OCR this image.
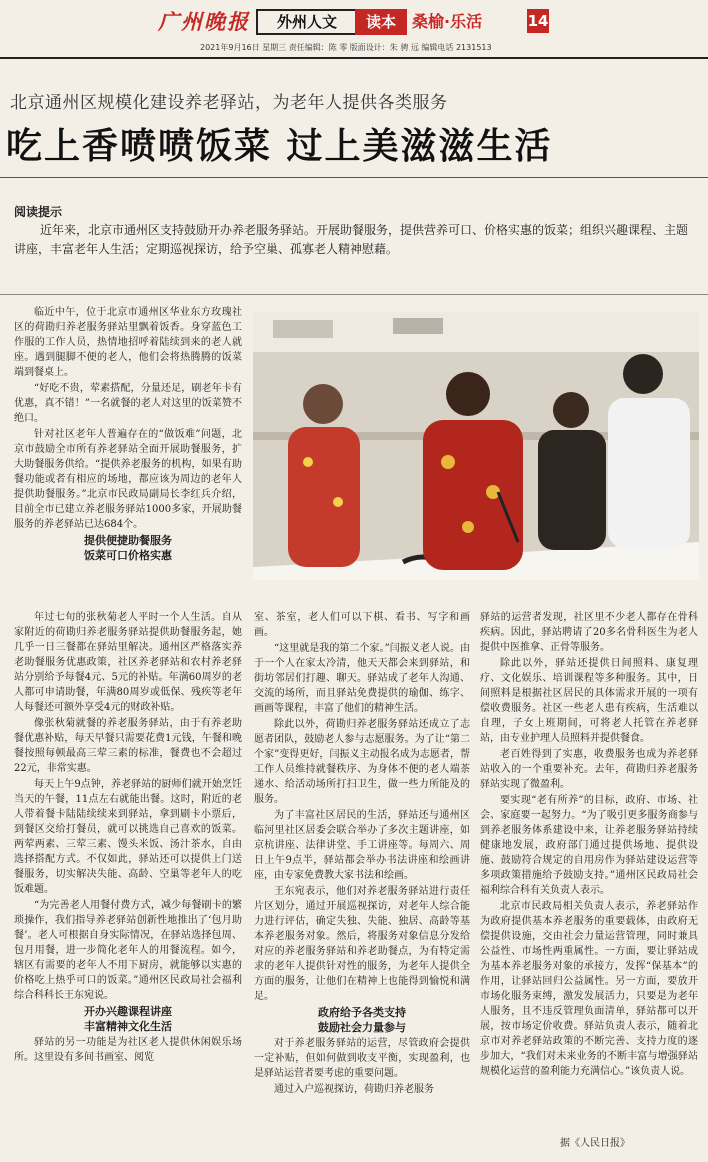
广州晚报	外州人文	读本	桑榆·乐活	14
2021年9月16日 星期三 责任编辑：陈 零 版面设计：朱 骋 远 编辑电话 2131513
北京通州区规模化建设养老驿站，为老年人提供各类服务
吃上香喷喷饭菜 过上美滋滋生活
阅读提示
近年来，北京市通州区支持鼓励开办养老服务驿站。开展助餐服务，提供营养可口、价格实惠的饭菜；组织兴趣课程、主题讲座，丰富老年人生活；定期巡视探访，给予空巢、孤寡老人精神慰藉。

临近中午，位于北京市通州区华业东方玫瑰社区的荷勘归养老服务驿站里飘着饭香。身穿蓝色工作服的工作人员，热情地招呼着陆续到来的老人就座。遇到腿脚不便的老人，他们会将热腾腾的饭菜端到餐桌上。

“好吃不贵，荤素搭配，分量还足，刷老年卡有优惠，真不错！”一名就餐的老人对这里的饭菜赞不绝口。

针对社区老年人普遍存在的“做饭难”问题，北京市鼓励全市所有养老驿站全面开展助餐服务，扩大助餐服务供给。“提供养老服务的机构，如果有助餐功能或者有相应的场地，都应该为周边的老年人提供助餐服务。”北京市民政局副局长李红兵介绍，目前全市已建立养老服务驿站1000多家，开展助餐服务的养老驿站已达684个。

提供便捷助餐服务
饭菜可口价格实惠

年过七旬的张秋菊老人平时一个人生活。自从家附近的荷勘归养老服务驿站提供助餐服务起，她几乎一日三餐都在驿站里解决。通州区严格落实养老助餐服务优惠政策，社区养老驿站和农村养老驿站分别给予每餐4元、5元的补贴。年满60周岁的老人都可申请助餐，年满80周岁或低保、残疾等老年人每餐还可额外享受4元的财政补贴。

像张秋菊就餐的养老服务驿站，由于有养老助餐优惠补贴，每天早餐只需要花费1元钱，午餐和晚餐按照每顿最高三荤三素的标准，餐费也不会超过22元，非常实惠。

每天上午9点钟，养老驿站的厨师们就开始烹饪当天的午餐，11点左右就能出餐。这时，附近的老人带着餐卡陆陆续续来到驿站，拿到刷卡小票后，到餐区交给打餐员，就可以挑选自己喜欢的饭菜。两荤两素、三荤三素、馒头米饭、汤汁茶水，自由选择搭配方式。不仅如此，驿站还可以提供上门送餐服务，切实解决失能、高龄、空巢等老年人的吃饭难题。

“为完善老人用餐付费方式，减少每餐刷卡的繁琐操作，我们指导养老驿站创新性地推出了‘包月助餐’。老人可根据自身实际情况，在驿站选择包周、包月用餐，进一步简化老年人的用餐流程。如今，辖区有需要的老年人不用下厨房，就能够以实惠的价格吃上热乎可口的饭菜。”通州区民政局社会福利综合科科长王东宛说。

开办兴趣课程讲座
丰富精神文化生活

驿站的另一功能是为社区老人提供休闲娱乐场所。这里设有多间书画室、阅览

室、茶室，老人们可以下棋、看书、写字和画画。

“这里就是我的第二个家。”闫振义老人说。由于一个人在家太冷清，他天天都会来到驿站，和街坊邻居们打趣、聊天。驿站成了老年人沟通、交流的场所，而且驿站免费提供的瑜伽、练字、画画等课程，丰富了他们的精神生活。

除此以外，荷勘归养老服务驿站还成立了志愿者团队，鼓励老人参与志愿服务。为了让“第二个家”变得更好，闫振义主动报名成为志愿者，帮工作人员维持就餐秩序、为身体不便的老人端茶递水、给活动场所打扫卫生，做一些力所能及的服务。

为了丰富社区居民的生活，驿站还与通州区临河里社区居委会联合举办了多次主题讲座，如京杭讲座、法律讲堂、手工讲座等。每周六、周日上午9点半，驿站都会举办书法讲座和绘画讲座，由专家免费教大家书法和绘画。

王东宛表示，他们对养老服务驿站进行责任片区划分，通过开展巡视探访，对老年人综合能力进行评估，确定失独、失能、独居、高龄等基本养老服务对象。然后，将服务对象信息分发给对应的养老服务驿站和养老助餐点，为有特定需求的老年人提供针对性的服务，为老年人提供全方面的服务，让他们在精神上也能得到愉悦和满足。

政府给予各类支持
鼓励社会力量参与

对于养老服务驿站的运营，尽管政府会提供一定补贴，但如何做到收支平衡，实现盈利，也是驿站运营者要考虑的重要问题。

通过入户巡视探访，荷勘归养老服务

驿站的运营者发现，社区里不少老人都存在骨科疾病。因此，驿站聘请了20多名骨科医生为老人提供中医推拿、正骨等服务。

除此以外，驿站还提供日间照料、康复理疗、文化娱乐、培训课程等多种服务。其中，日间照料是根据社区居民的具体需求开展的一项有偿收费服务。社区一些老人患有疾病，生活难以自理，子女上班期间，可将老人托管在养老驿站，由专业护理人员照料并提供餐食。

老百姓得到了实惠，收费服务也成为养老驿站收入的一个重要补充。去年，荷勘归养老服务驿站实现了微盈利。

要实现“老有所养”的目标，政府、市场、社会、家庭要一起努力。“为了吸引更多服务商参与到养老服务体系建设中来，让养老服务驿站持续健康地发展，政府部门通过提供场地、提供设施、鼓励符合规定的自用房作为驿站建设运营等多项政策措施给予鼓励支持。”通州区民政局社会福利综合科有关负责人表示。

北京市民政局相关负责人表示，养老驿站作为政府提供基本养老服务的重要载体，由政府无偿提供设施，交由社会力量运营管理，同时兼具公益性、市场性两重属性。一方面，要让驿站成为基本养老服务对象的承接方，发挥“保基本”的作用，让驿站回归公益属性。另一方面，要放开市场化服务束缚，激发发展活力，只要是为老年人服务，且不违反管理负面清单，驿站都可以开展，按市场定价收费。驿站负责人表示，随着北京市对养老驿站政策的不断完善、支持力度的逐步加大，“我们对未来业务的不断丰富与增强驿站规模化运营的盈利能力充满信心。”该负责人说。

据《人民日报》
